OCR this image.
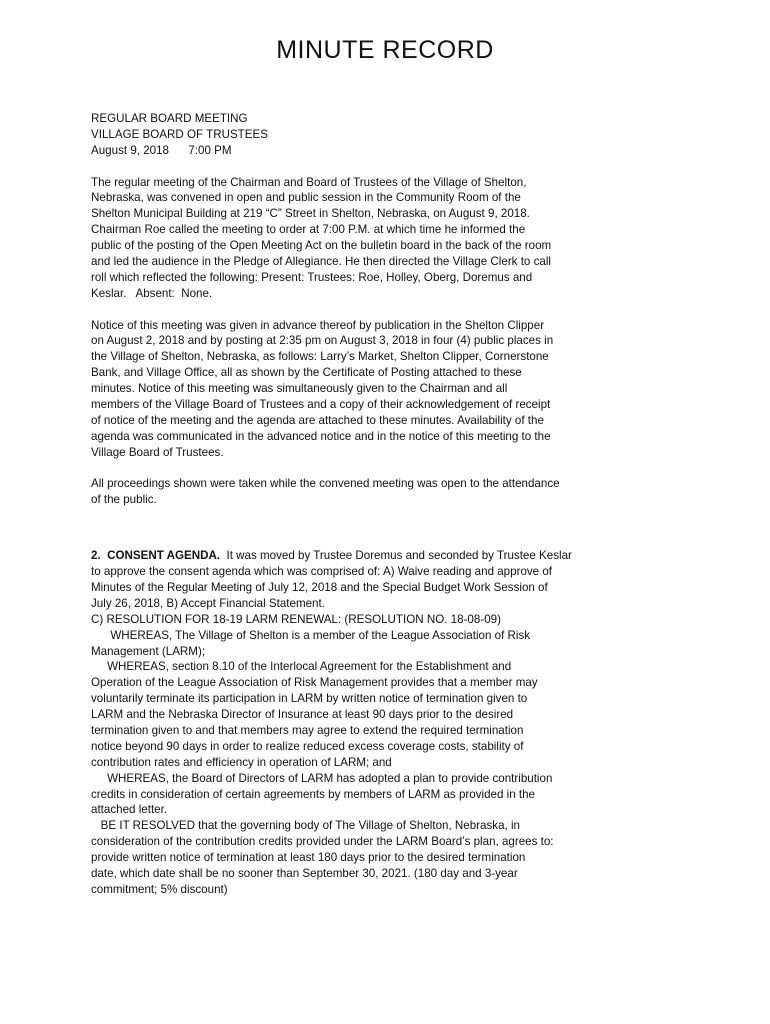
MINUTE RECORD
REGULAR BOARD MEETING
VILLAGE BOARD OF TRUSTEES
August 9, 2018      7:00 PM
The regular meeting of the Chairman and Board of Trustees of the Village of Shelton,
Nebraska, was convened in open and public session in the Community Room of the
Shelton Municipal Building at 219 “C” Street in Shelton, Nebraska, on August 9, 2018.
Chairman Roe called the meeting to order at 7:00 P.M. at which time he informed the
public of the posting of the Open Meeting Act on the bulletin board in the back of the room
and led the audience in the Pledge of Allegiance. He then directed the Village Clerk to call
roll which reflected the following: Present: Trustees: Roe, Holley, Oberg, Doremus and
Keslar.   Absent:  None.
Notice of this meeting was given in advance thereof by publication in the Shelton Clipper
on August 2, 2018 and by posting at 2:35 pm on August 3, 2018 in four (4) public places in
the Village of Shelton, Nebraska, as follows: Larry’s Market, Shelton Clipper, Cornerstone
Bank, and Village Office, all as shown by the Certificate of Posting attached to these
minutes. Notice of this meeting was simultaneously given to the Chairman and all
members of the Village Board of Trustees and a copy of their acknowledgement of receipt
of notice of the meeting and the agenda are attached to these minutes. Availability of the
agenda was communicated in the advanced notice and in the notice of this meeting to the
Village Board of Trustees.
All proceedings shown were taken while the convened meeting was open to the attendance
of the public.
2.  CONSENT AGENDA.  It was moved by Trustee Doremus and seconded by Trustee Keslar
to approve the consent agenda which was comprised of: A) Waive reading and approve of
Minutes of the Regular Meeting of July 12, 2018 and the Special Budget Work Session of
July 26, 2018, B) Accept Financial Statement.
C) RESOLUTION FOR 18-19 LARM RENEWAL: (RESOLUTION NO. 18-08-09)
WHEREAS, The Village of Shelton is a member of the League Association of Risk
Management (LARM);
WHEREAS, section 8.10 of the Interlocal Agreement for the Establishment and
Operation of the League Association of Risk Management provides that a member may
voluntarily terminate its participation in LARM by written notice of termination given to
LARM and the Nebraska Director of Insurance at least 90 days prior to the desired
termination given to and that members may agree to extend the required termination
notice beyond 90 days in order to realize reduced excess coverage costs, stability of
contribution rates and efficiency in operation of LARM; and
WHEREAS, the Board of Directors of LARM has adopted a plan to provide contribution
credits in consideration of certain agreements by members of LARM as provided in the
attached letter.
BE IT RESOLVED that the governing body of The Village of Shelton, Nebraska, in
consideration of the contribution credits provided under the LARM Board’s plan, agrees to:
provide written notice of termination at least 180 days prior to the desired termination
date, which date shall be no sooner than September 30, 2021. (180 day and 3-year
commitment; 5% discount)
